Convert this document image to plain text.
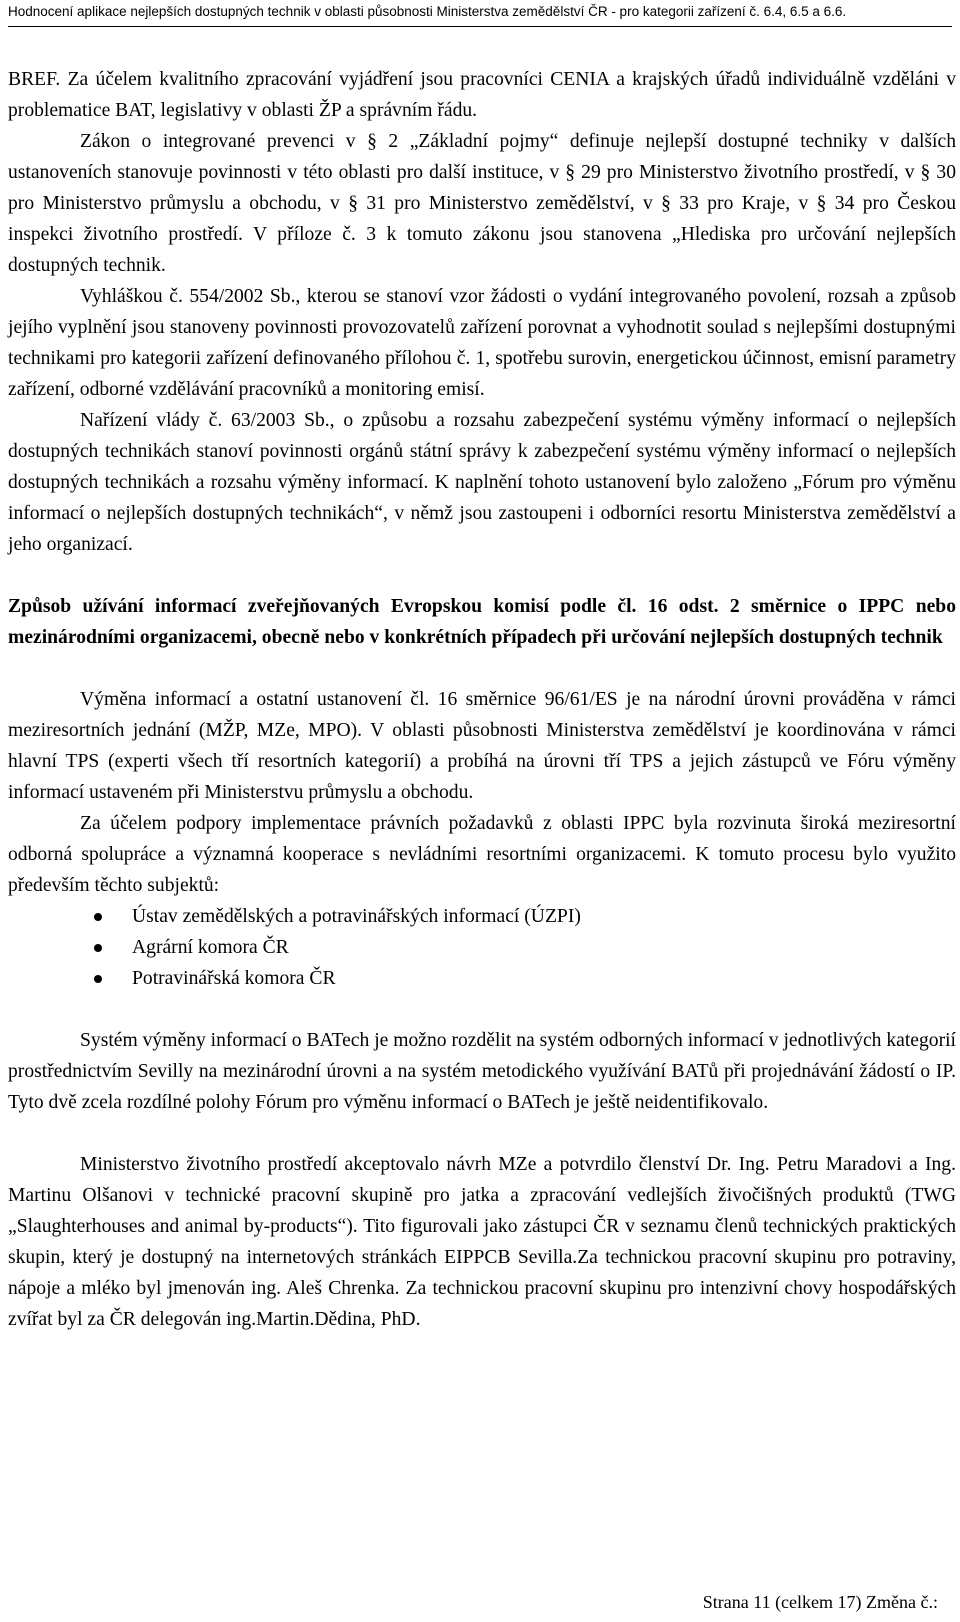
Hodnocení aplikace nejlepších dostupných technik v oblasti působnosti Ministerstva zemědělství ČR - pro kategorii zařízení č. 6.4, 6.5 a 6.6.

BREF. Za účelem kvalitního zpracování vyjádření jsou pracovníci CENIA a krajských úřadů individuálně vzděláni v problematice BAT, legislativy v oblasti ŽP a správním řádu.

Zákon o integrované prevenci v § 2 „Základní pojmy“ definuje nejlepší dostupné techniky v dalších ustanoveních stanovuje povinnosti v této oblasti pro další instituce, v § 29 pro Ministerstvo životního prostředí, v § 30 pro Ministerstvo průmyslu a obchodu, v § 31 pro Ministerstvo zemědělství, v § 33 pro Kraje, v § 34 pro Českou inspekci životního prostředí. V příloze č. 3 k tomuto zákonu jsou stanovena „Hlediska pro určování nejlepších dostupných technik.

Vyhláškou č. 554/2002 Sb., kterou se stanoví vzor žádosti o vydání integrovaného povolení, rozsah a způsob jejího vyplnění jsou stanoveny povinnosti provozovatelů zařízení porovnat a vyhodnotit soulad s nejlepšími dostupnými technikami pro kategorii zařízení definovaného přílohou č. 1, spotřebu surovin, energetickou účinnost, emisní parametry zařízení, odborné vzdělávání pracovníků a monitoring emisí.

Nařízení vlády č. 63/2003 Sb., o způsobu a rozsahu zabezpečení systému výměny informací o nejlepších dostupných technikách stanoví povinnosti orgánů státní správy k zabezpečení systému výměny informací o nejlepších dostupných technikách a rozsahu výměny informací. K naplnění tohoto ustanovení bylo založeno „Fórum pro výměnu informací o nejlepších dostupných technikách“, v němž jsou zastoupeni i odborníci resortu Ministerstva zemědělství a jeho organizací.

Způsob užívání informací zveřejňovaných Evropskou komisí podle čl. 16 odst. 2 směrnice o IPPC nebo mezinárodními organizacemi, obecně nebo v konkrétních případech při určování nejlepších dostupných technik

Výměna informací a ostatní ustanovení čl. 16 směrnice 96/61/ES je na národní úrovni prováděna v rámci meziresortních jednání (MŽP, MZe, MPO). V oblasti působnosti Ministerstva zemědělství je koordinována v rámci hlavní TPS (experti všech tří resortních kategorií) a probíhá na úrovni tří TPS a jejich zástupců ve Fóru výměny informací ustaveném při Ministerstvu průmyslu a obchodu.

Za účelem podpory implementace právních požadavků z oblasti IPPC byla rozvinuta široká meziresortní odborná spolupráce a významná kooperace s nevládními resortními organizacemi. K tomuto procesu bylo využito především těchto subjektů:

Ústav zemědělských a potravinářských informací (ÚZPI)
Agrární komora ČR
Potravinářská komora ČR

Systém výměny informací o BATech je možno rozdělit na systém odborných informací v jednotlivých kategorií prostřednictvím Sevilly na mezinárodní úrovni a na systém metodického využívání BATů při projednávání žádostí o IP. Tyto dvě zcela rozdílné polohy Fórum pro výměnu informací o BATech je ještě neidentifikovalo.

Ministerstvo životního prostředí akceptovalo návrh MZe a potvrdilo členství Dr. Ing. Petru Maradovi a Ing. Martinu Olšanovi v technické pracovní skupině pro jatka a zpracování vedlejších živočišných produktů (TWG „Slaughterhouses and animal by-products“). Tito figurovali jako zástupci ČR v seznamu členů technických praktických skupin, který je dostupný na internetových stránkách EIPPCB Sevilla.Za technickou pracovní skupinu pro potraviny, nápoje a mléko byl jmenován ing. Aleš Chrenka. Za technickou pracovní skupinu pro intenzivní chovy hospodářských zvířat byl za ČR delegován ing.Martin.Dědina, PhD.

Strana 11 (celkem 17) Změna č.:
